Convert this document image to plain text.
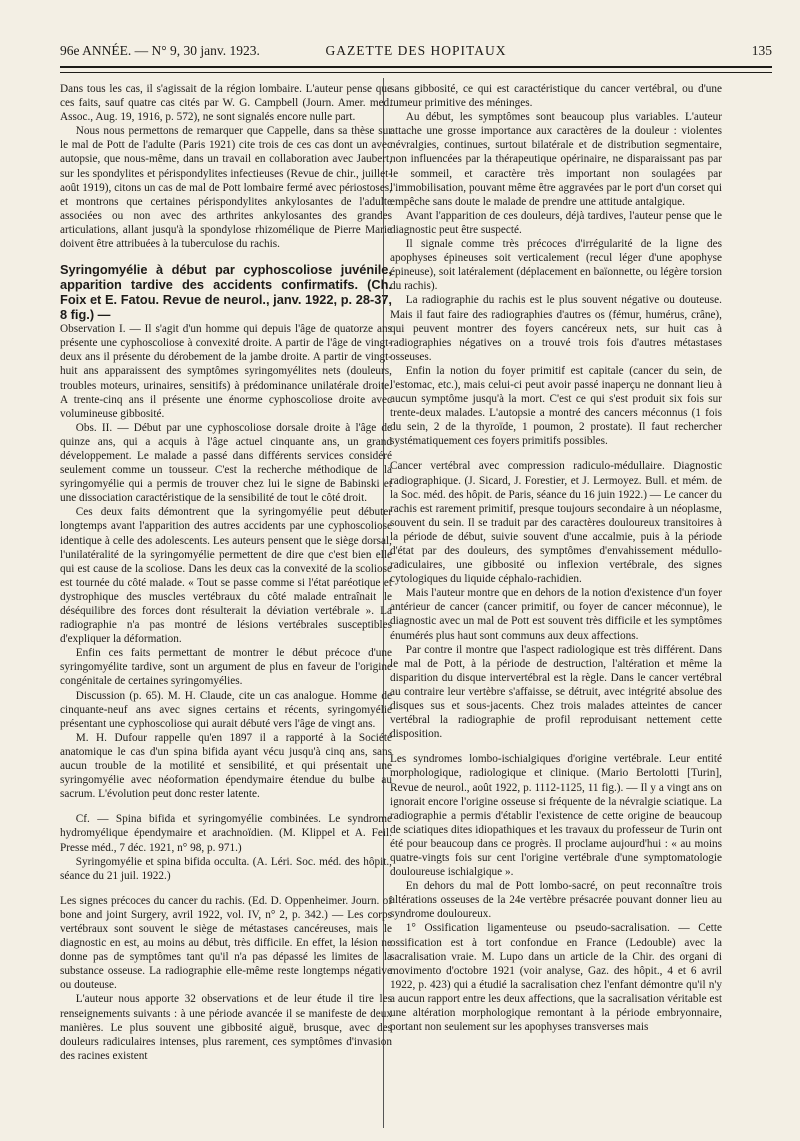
96e ANNÉE. — N° 9, 30 janv. 1923.	GAZETTE DES HOPITAUX	135

Dans tous les cas, il s'agissait de la région lombaire. L'auteur pense que ces faits, sauf quatre cas cités par W. G. Campbell (Journ. Amer. med. Assoc., Aug. 19, 1916, p. 572), ne sont signalés encore nulle part.

Nous nous permettons de remarquer que Cappelle, dans sa thèse sur le mal de Pott de l'adulte (Paris 1921) cite trois de ces cas dont un avec autopsie, que nous-même, dans un travail en collaboration avec Jaubert, sur les spondylites et périspondylites infectieuses (Revue de chir., juillet-août 1919), citons un cas de mal de Pott lombaire fermé avec périostoses, et montrons que certaines périspondylites ankylosantes de l'adulte associées ou non avec des arthrites ankylosantes des grandes articulations, allant jusqu'à la spondylose rhizomélique de Pierre Marie doivent être attribuées à la tuberculose du rachis.

Syringomyélie à début par cyphoscoliose juvénile, apparition tardive des accidents confirmatifs. (Ch. Foix et E. Fatou. Revue de neurol., janv. 1922, p. 28-37, 8 fig.) —

Observation I. — Il s'agit d'un homme qui depuis l'âge de quatorze ans présente une cyphoscoliose à convexité droite. A partir de l'âge de vingt-deux ans il présente du dérobement de la jambe droite. A partir de vingt-huit ans apparaissent des symptômes syringomyélites nets (douleurs, troubles moteurs, urinaires, sensitifs) à prédominance unilatérale droite. A trente-cinq ans il présente une énorme cyphoscoliose droite avec volumineuse gibbosité.

Obs. II. — Début par une cyphoscoliose dorsale droite à l'âge de quinze ans, qui a acquis à l'âge actuel cinquante ans, un grand développement. Le malade a passé dans différents services considéré seulement comme un tousseur. C'est la recherche méthodique de la syringomyélie qui a permis de trouver chez lui le signe de Babinski et une dissociation caractéristique de la sensibilité de tout le côté droit.

Ces deux faits démontrent que la syringomyélie peut débuter longtemps avant l'apparition des autres accidents par une cyphoscoliose identique à celle des adolescents. Les auteurs pensent que le siège dorsal, l'unilatéralité de la syringomyélie permettent de dire que c'est bien elle qui est cause de la scoliose. Dans les deux cas la convexité de la scoliose est tournée du côté malade. « Tout se passe comme si l'état paréotique et dystrophique des muscles vertébraux du côté malade entraînait le déséquilibre des forces dont résulterait la déviation vertébrale ». La radiographie n'a pas montré de lésions vertébrales susceptibles d'expliquer la déformation.

Enfin ces faits permettant de montrer le début précoce d'une syringomyélite tardive, sont un argument de plus en faveur de l'origine congénitale de certaines syringomyélies.

Discussion (p. 65). M. H. Claude, cite un cas analogue. Homme de cinquante-neuf ans avec signes certains et récents, syringomyélie présentant une cyphoscoliose qui aurait débuté vers l'âge de vingt ans.

M. H. Dufour rappelle qu'en 1897 il a rapporté à la Société anatomique le cas d'un spina bifida ayant vécu jusqu'à cinq ans, sans aucun trouble de la motilité et sensibilité, et qui présentait une syringomyélie avec néoformation épendymaire étendue du bulbe au sacrum. L'évolution peut donc rester latente.

Cf. — Spina bifida et syringomyélie combinées. Le syndrome hydromyélique épendymaire et arachnoïdien. (M. Klippel et A. Feil. Presse méd., 7 déc. 1921, n° 98, p. 971.)

Syringomyélie et spina bifida occulta. (A. Léri. Soc. méd. des hôpit., séance du 21 juil. 1922.)

Les signes précoces du cancer du rachis. (Ed. D. Oppenheimer. Journ. of bone and joint Surgery, avril 1922, vol. IV, n° 2, p. 342.) — Les corps vertébraux sont souvent le siège de métastases cancéreuses, mais le diagnostic en est, au moins au début, très difficile. En effet, la lésion ne donne pas de symptômes tant qu'il n'a pas dépassé les limites de la substance osseuse. La radiographie elle-même reste longtemps négative ou douteuse.

L'auteur nous apporte 32 observations et de leur étude il tire les renseignements suivants : à une période avancée il se manifeste de deux manières. Le plus souvent une gibbosité aiguë, brusque, avec des douleurs radiculaires intenses, plus rarement, ces symptômes d'invasion des racines existent

sans gibbosité, ce qui est caractéristique du cancer vertébral, ou d'une tumeur primitive des méninges.

Au début, les symptômes sont beaucoup plus variables. L'auteur attache une grosse importance aux caractères de la douleur : violentes névralgies, continues, surtout bilatérale et de distribution segmentaire, non influencées par la thérapeutique opérinaire, ne disparaissant pas par le sommeil, et caractère très important non soulagées par l'immobilisation, pouvant même être aggravées par le port d'un corset qui empêche sans doute le malade de prendre une attitude antalgique.

Avant l'apparition de ces douleurs, déjà tardives, l'auteur pense que le diagnostic peut être suspecté.

Il signale comme très précoces d'irrégularité de la ligne des apophyses épineuses soit verticalement (recul léger d'une apophyse épineuse), soit latéralement (déplacement en baïonnette, ou légère torsion du rachis).

La radiographie du rachis est le plus souvent négative ou douteuse. Mais il faut faire des radiographies d'autres os (fémur, humérus, crâne), qui peuvent montrer des foyers cancéreux nets, sur huit cas à radiographies négatives on a trouvé trois fois d'autres métastases osseuses.

Enfin la notion du foyer primitif est capitale (cancer du sein, de l'estomac, etc.), mais celui-ci peut avoir passé inaperçu ne donnant lieu à aucun symptôme jusqu'à la mort. C'est ce qui s'est produit six fois sur trente-deux malades. L'autopsie a montré des cancers méconnus (1 fois du sein, 2 de la thyroïde, 1 poumon, 2 prostate). Il faut rechercher systématiquement ces foyers primitifs possibles.

Cancer vertébral avec compression radiculo-médullaire. Diagnostic radiographique. (J. Sicard, J. Forestier, et J. Lermoyez. Bull. et mém. de la Soc. méd. des hôpit. de Paris, séance du 16 juin 1922.) — Le cancer du rachis est rarement primitif, presque toujours secondaire à un néoplasme, souvent du sein. Il se traduit par des caractères douloureux transitoires à la période de début, suivie souvent d'une accalmie, puis à la période d'état par des douleurs, des symptômes d'envahissement médullo-radiculaires, une gibbosité ou inflexion vertébrale, des signes cytologiques du liquide céphalo-rachidien.

Mais l'auteur montre que en dehors de la notion d'existence d'un foyer antérieur de cancer (cancer primitif, ou foyer de cancer méconnue), le diagnostic avec un mal de Pott est souvent très difficile et les symptômes énumérés plus haut sont communs aux deux affections.

Par contre il montre que l'aspect radiologique est très différent. Dans le mal de Pott, à la période de destruction, l'altération et même la disparition du disque intervertébral est la règle. Dans le cancer vertébral au contraire leur vertèbre s'affaisse, se détruit, avec intégrité absolue des disques sus et sous-jacents. Chez trois malades atteintes de cancer vertébral la radiographie de profil reproduisant nettement cette disposition.

Les syndromes lombo-ischialgiques d'origine vertébrale. Leur entité morphologique, radiologique et clinique. (Mario Bertolotti [Turin], Revue de neurol., août 1922, p. 1112-1125, 11 fig.). — Il y a vingt ans on ignorait encore l'origine osseuse si fréquente de la névralgie sciatique. La radiographie a permis d'établir l'existence de cette origine de beaucoup de sciatiques dites idiopathiques et les travaux du professeur de Turin ont été pour beaucoup dans ce progrès. Il proclame aujourd'hui : « au moins quatre-vingts fois sur cent l'origine vertébrale d'une symptomatologie douloureuse ischialgique ».

En dehors du mal de Pott lombo-sacré, on peut reconnaître trois altérations osseuses de la 24e vertèbre présacrée pouvant donner lieu au syndrome douloureux.

1° Ossification ligamenteuse ou pseudo-sacralisation. — Cette ossification est à tort confondue en France (Ledouble) avec la sacralisation vraie. M. Lupo dans un article de la Chir. des organi di movimento d'octobre 1921 (voir analyse, Gaz. des hôpit., 4 et 6 avril 1922, p. 423) qui a étudié la sacralisation chez l'enfant démontre qu'il n'y a aucun rapport entre les deux affections, que la sacralisation véritable est une altération morphologique remontant à la période embryonnaire, portant non seulement sur les apophyses transverses mais
